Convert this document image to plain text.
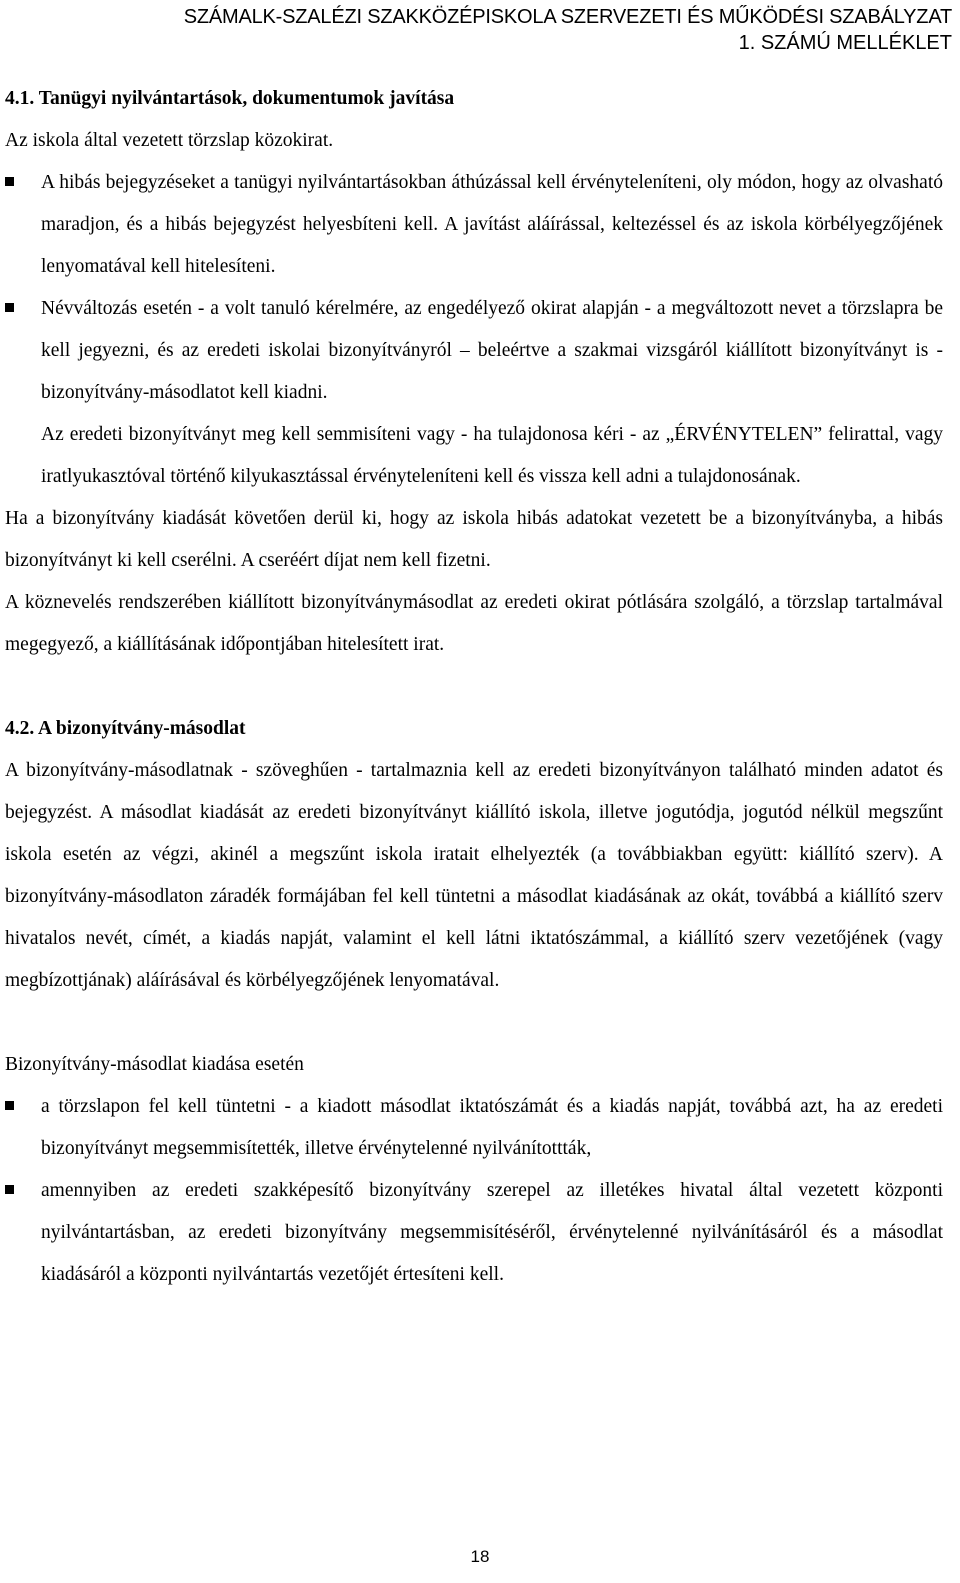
SZÁMALK-SZALÉZI SZAKKÖZÉPISKOLA SZERVEZETI ÉS MŰKÖDÉSI SZABÁLYZAT
1. SZÁMÚ MELLÉKLET
4.1. Tanügyi nyilvántartások, dokumentumok javítása

Az iskola által vezetett törzslap közokirat.

A hibás bejegyzéseket a tanügyi nyilvántartásokban áthúzással kell érvényteleníteni, oly módon, hogy az olvasható maradjon, és a hibás bejegyzést helyesbíteni kell. A javítást aláírással, keltezéssel és az iskola körbélyegzőjének lenyomatával kell hitelesíteni.
Névváltozás esetén - a volt tanuló kérelmére, az engedélyező okirat alapján - a megváltozott nevet a törzslapra be kell jegyezni, és az eredeti iskolai bizonyítványról – beleértve a szakmai vizsgáról kiállított bizonyítványt is - bizonyítvány-másodlatot kell kiadni.

Az eredeti bizonyítványt meg kell semmisíteni vagy - ha tulajdonosa kéri - az „ÉRVÉNYTELEN” felirattal, vagy iratlyukasztóval történő kilyukasztással érvényteleníteni kell és vissza kell adni a tulajdonosának.

Ha a bizonyítvány kiadását követően derül ki, hogy az iskola hibás adatokat vezetett be a bizonyítványba, a hibás bizonyítványt ki kell cserélni. A cseréért díjat nem kell fizetni.

A köznevelés rendszerében kiállított bizonyítványmásodlat az eredeti okirat pótlására szolgáló, a törzslap tartalmával megegyező, a kiállításának időpontjában hitelesített irat.

4.2. A bizonyítvány-másodlat

A bizonyítvány-másodlatnak - szöveghűen - tartalmaznia kell az eredeti bizonyítványon található minden adatot és bejegyzést. A másodlat kiadását az eredeti bizonyítványt kiállító iskola, illetve jogutódja, jogutód nélkül megszűnt iskola esetén az végzi, akinél a megszűnt iskola iratait elhelyezték (a továbbiakban együtt: kiállító szerv). A bizonyítvány-másodlaton záradék formájában fel kell tüntetni a másodlat kiadásának az okát, továbbá a kiállító szerv hivatalos nevét, címét, a kiadás napját, valamint el kell látni iktatószámmal, a kiállító szerv vezetőjének (vagy megbízottjának) aláírásával és körbélyegzőjének lenyomatával.

Bizonyítvány-másodlat kiadása esetén

a törzslapon fel kell tüntetni - a kiadott másodlat iktatószámát és a kiadás napját, továbbá azt, ha az eredeti bizonyítványt megsemmisítették, illetve érvénytelenné nyilvánítottták,
amennyiben az eredeti szakképesítő bizonyítvány szerepel az illetékes hivatal által vezetett központi nyilvántartásban, az eredeti bizonyítvány megsemmisítéséről, érvénytelenné nyilvánításáról és a másodlat kiadásáról a központi nyilvántartás vezetőjét értesíteni kell.
18
